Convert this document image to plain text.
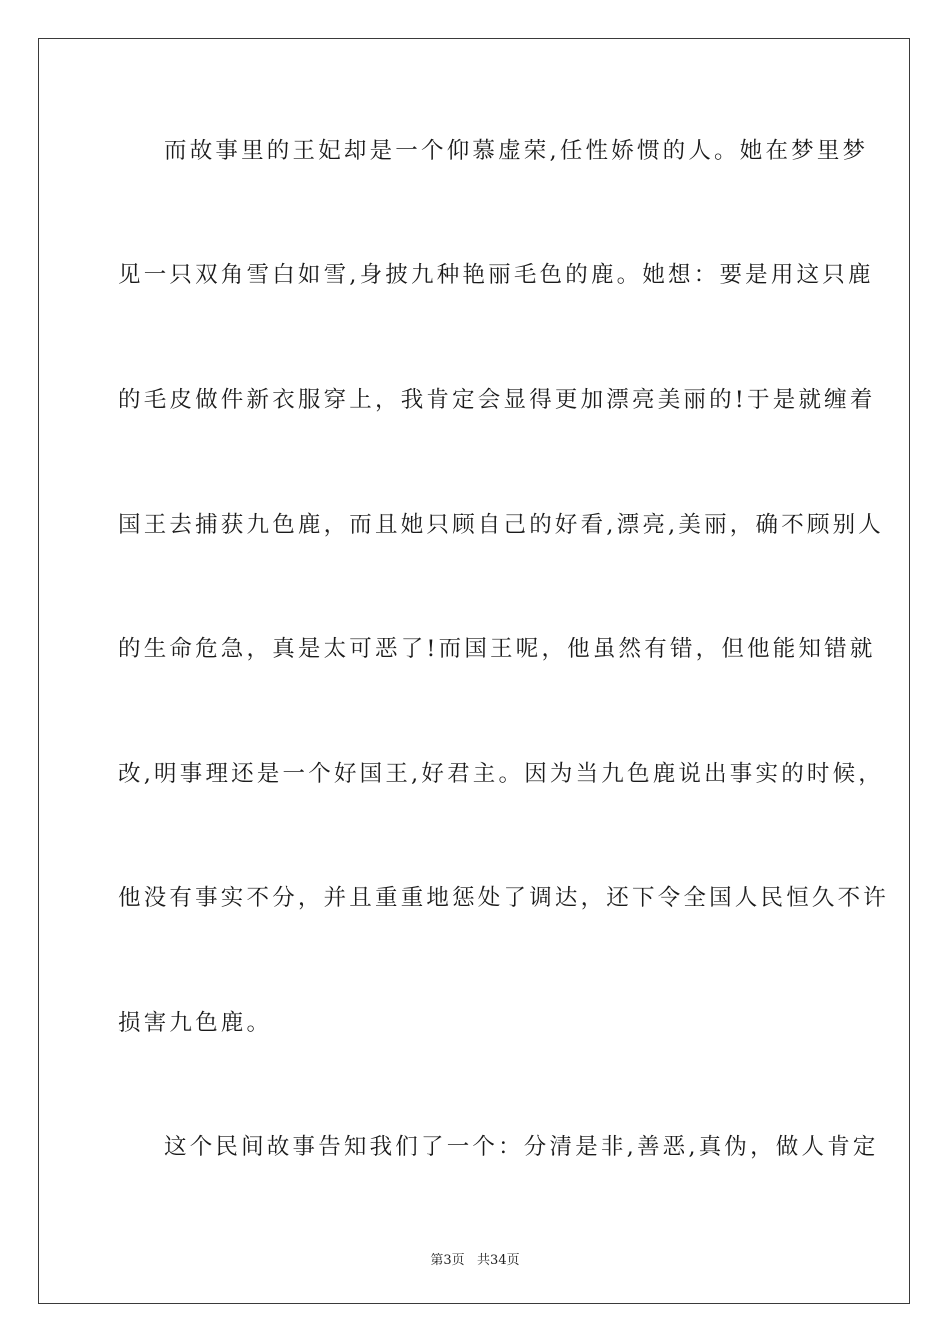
而故事里的王妃却是一个仰慕虚荣,任性娇惯的人。她在梦里梦
见一只双角雪白如雪,身披九种艳丽毛色的鹿。她想：要是用这只鹿
的毛皮做件新衣服穿上，我肯定会显得更加漂亮美丽的!于是就缠着
国王去捕获九色鹿，而且她只顾自己的好看,漂亮,美丽，确不顾别人
的生命危急，真是太可恶了!而国王呢，他虽然有错，但他能知错就
改,明事理还是一个好国王,好君主。因为当九色鹿说出事实的时候，
他没有事实不分，并且重重地惩处了调达，还下令全国人民恒久不许
损害九色鹿。
这个民间故事告知我们了一个：分清是非,善恶,真伪，做人肯定
第3页   共34页
